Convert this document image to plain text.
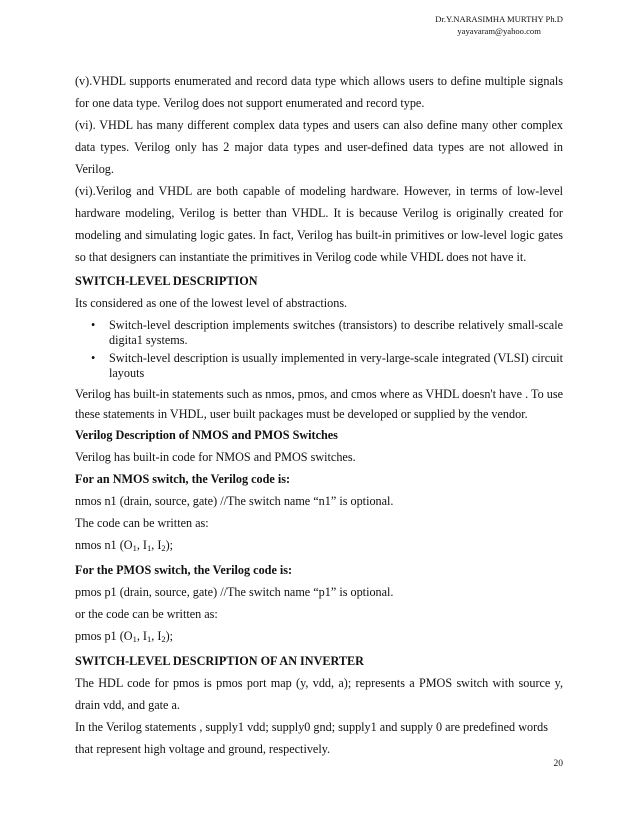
Dr.Y.NARASIMHA MURTHY Ph.D
yayavaram@yahoo.com

(v).VHDL supports enumerated and record data type which allows users to define multiple signals for one data type. Verilog does not support enumerated and record type.

(vi). VHDL has many different complex data types and users can also define many other complex data types. Verilog only has 2 major data types and user-defined data types are not allowed in Verilog.

(vi).Verilog and VHDL are both capable of modeling hardware. However, in terms of low-level hardware modeling, Verilog is better than VHDL. It is because Verilog is originally created for modeling and simulating logic gates. In fact, Verilog has built-in primitives or low-level logic gates so that designers can instantiate the primitives in Verilog code while VHDL does not have it.

SWITCH-LEVEL DESCRIPTION

Its considered as one of the lowest level of abstractions.

• Switch-level description implements switches (transistors) to describe relatively small-scale digita1 systems.
• Switch-level description is usually implemented in very-large-scale integrated (VLSI) circuit layouts

Verilog has built-in statements such as nmos, pmos, and cmos where as VHDL doesn't have . To use these statements in VHDL, user built packages must be developed or supplied by the vendor.

Verilog Description of NMOS and PMOS Switches

Verilog has built-in code for NMOS and PMOS switches.

For an NMOS switch, the Verilog code is:

nmos n1 (drain, source, gate) //The switch name “n1” is optional.

The code can be written as:

nmos n1 ($O_1$, $I_1$, $I_2$);

For the PMOS switch, the Verilog code is:

pmos p1 (drain, source, gate) //The switch name “p1” is optional.

or the code can be written as:

pmos p1 ($O_1$, $I_1$, $I_2$);

SWITCH-LEVEL DESCRIPTION OF AN INVERTER

The HDL code for pmos is pmos port map (y, vdd, a); represents a PMOS switch with source y, drain vdd, and gate a.

In the Verilog statements , supply1 vdd; supply0 gnd; supply1 and supply 0 are predefined words that represent high voltage and ground, respectively.

20
